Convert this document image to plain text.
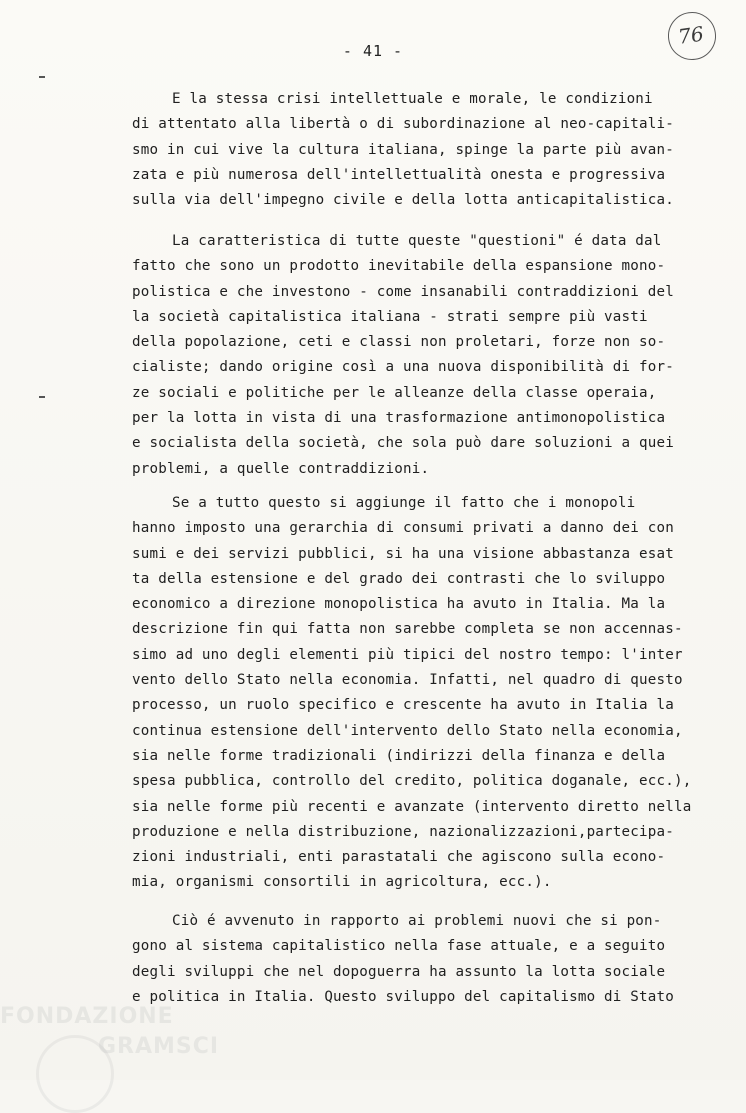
- 41 -
76
E la stessa crisi intellettuale e morale, le condizioni
di attentato alla libertà o di subordinazione al neo-capitali-
smo in cui vive la cultura italiana, spinge la parte più avan-
zata e più numerosa dell'intellettualità onesta e progressiva
sulla via dell'impegno civile e della lotta anticapitalistica.
La caratteristica di tutte queste "questioni" é data dal
fatto che sono un prodotto inevitabile della espansione mono-
polistica e che investono - come insanabili contraddizioni del
la società capitalistica italiana - strati sempre più vasti
della popolazione, ceti e classi non proletari, forze non so-
cialiste; dando origine così a una nuova disponibilità di for-
ze sociali e politiche per le alleanze della classe operaia,
per la lotta in vista di una trasformazione antimonopolistica
e socialista della società, che sola può dare soluzioni a quei
problemi, a quelle contraddizioni.
Se a tutto questo si aggiunge il fatto che i monopoli
hanno imposto una gerarchia di consumi privati a danno dei con
sumi e dei servizi pubblici, si ha una visione abbastanza esat
ta della estensione e del grado dei contrasti che lo sviluppo
economico a direzione monopolistica ha avuto in Italia. Ma la
descrizione fin qui fatta non sarebbe completa se non accennas-
simo ad uno degli elementi più tipici del nostro tempo: l'inter
vento dello Stato nella economia. Infatti, nel quadro di questo
processo, un ruolo specifico e crescente ha avuto in Italia la
continua estensione dell'intervento dello Stato nella economia,
sia nelle forme tradizionali (indirizzi della finanza e della
spesa pubblica, controllo del credito, politica doganale, ecc.),
sia nelle forme più recenti e avanzate (intervento diretto nella
produzione e nella distribuzione, nazionalizzazioni,partecipa-
zioni industriali, enti parastatali che agiscono sulla econo-
mia, organismi consortili in agricoltura, ecc.).
Ciò é avvenuto in rapporto ai problemi nuovi che si pon-
gono al sistema capitalistico nella fase attuale, e a seguito
degli sviluppi che nel dopoguerra ha assunto la lotta sociale
e politica in Italia. Questo sviluppo del capitalismo di Stato
FONDAZIONE
GRAMSCI
